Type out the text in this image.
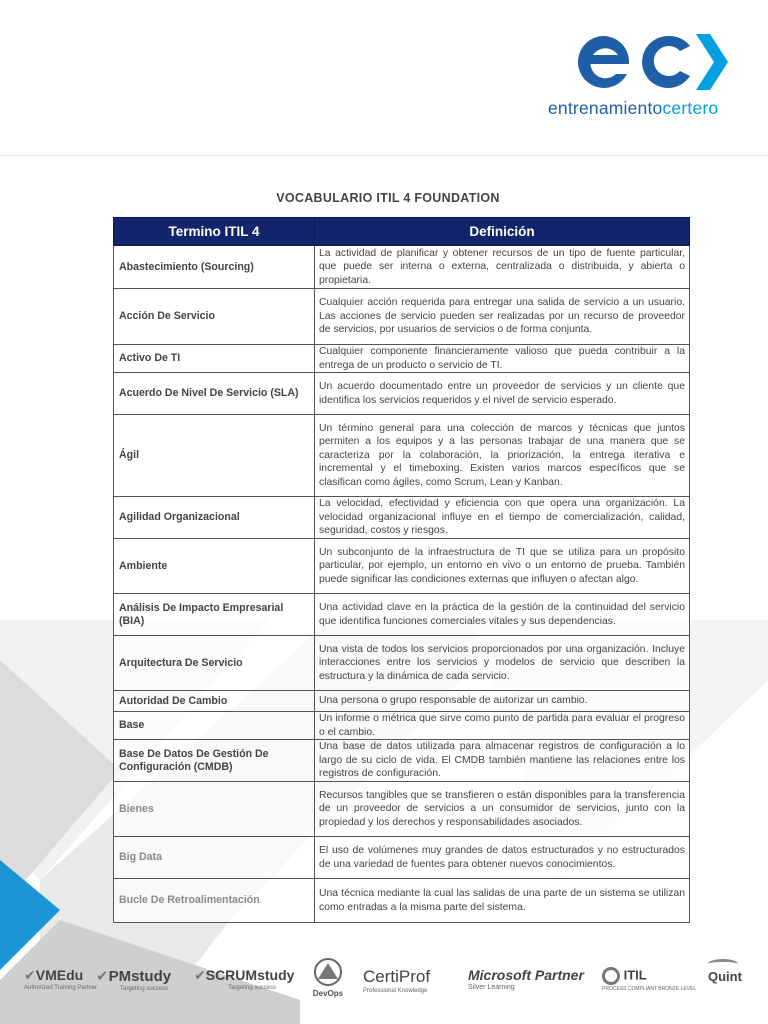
entrenamientocertero
VOCABULARIO ITIL 4 FOUNDATION
Termino ITIL 4	Definición
Abastecimiento (Sourcing)	La actividad de planificar y obtener recursos de un tipo de fuente particular, que puede ser interna o externa, centralizada o distribuida, y abierta o propietaria.
Acción De Servicio	Cualquier acción requerida para entregar una salida de servicio a un usuario. Las acciones de servicio pueden ser realizadas por un recurso de proveedor de servicios, por usuarios de servicios o de forma conjunta.
Activo De TI	Cualquier componente financieramente valioso que pueda contribuir a la entrega de un producto o servicio de TI.
Acuerdo De Nivel De Servicio (SLA)	Un acuerdo documentado entre un proveedor de servicios y un cliente que identifica los servicios requeridos y el nivel de servicio esperado.
Ágil	Un término general para una colección de marcos y técnicas que juntos permiten a los equipos y a las personas trabajar de una manera que se caracteriza por la colaboración, la priorización, la entrega iterativa e incremental y el timeboxing. Existen varios marcos específicos que se clasifican como ágiles, como Scrum, Lean y Kanban.
Agilidad Organizacional	La velocidad, efectividad y eficiencia con que opera una organización. La velocidad organizacional influye en el tiempo de comercialización, calidad, seguridad, costos y riesgos.
Ambiente	Un subconjunto de la infraestructura de TI que se utiliza para un propósito particular, por ejemplo, un entorno en vivo o un entorno de prueba. También puede significar las condiciones externas que influyen o afectan algo.
Análisis De Impacto Empresarial (BIA)	Una actividad clave en la práctica de la gestión de la continuidad del servicio que identifica funciones comerciales vitales y sus dependencias.
Arquitectura De Servicio	Una vista de todos los servicios proporcionados por una organización. Incluye interacciones entre los servicios y modelos de servicio que describen la estructura y la dinámica de cada servicio.
Autoridad De Cambio	Una persona o grupo responsable de autorizar un cambio.
Base	Un informe o métrica que sirve como punto de partida para evaluar el progreso o el cambio.
Base De Datos De Gestión De Configuración (CMDB)	Una base de datos utilizada para almacenar registros de configuración a lo largo de su ciclo de vida. El CMDB también mantiene las relaciones entre los registros de configuración.
Bienes	Recursos tangibles que se transfieren o están disponibles para la transferencia de un proveedor de servicios a un consumidor de servicios, junto con la propiedad y los derechos y responsabilidades asociados.
Big Data	El uso de volúmenes muy grandes de datos estructurados y no estructurados de una variedad de fuentes para obtener nuevos conocimientos.
Bucle De Retroalimentación	Una técnica mediante la cual las salidas de una parte de un sistema se utilizan como entradas a la misma parte del sistema.
✔VMEdu
Authorized Training Partner
✔PMstudy
Targeting success
✔SCRUMstudy
Targeting success
DevOps
CertiProf
Professional Knowledge
Microsoft Partner
Silver Learning
ITIL
PROCESS COMPLIANT BRONZE LEVEL
Quint
